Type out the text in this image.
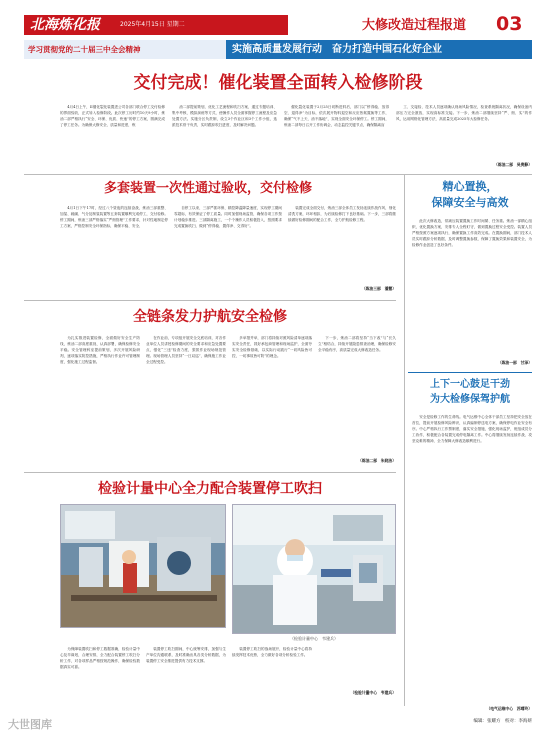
北海炼化报	2025年4月15日 星期二	大修改造过程报道 03
学习贯彻党的二十届三中全会精神	实施高质量发展行动　奋力打造中国石化好企业
交付完成！催化装置全面转入检修阶段

4月4日上午，II催化裂化装置进公司各部门联合停工交付检修的界面验收，正式转入检修阶段。此次停工历时约10天9小时，炼油二部严格执行“安全、环保、优质、快速”的停工方案，圆满完成了停工任务。为确保大修安全、质量和进度，炼

油二部提前策划，优化工艺流程和吹扫方案，通过专题培训、集中考核、模拟演练等方式，使操作人员全面掌握停工流程及应急处置方法。实施分区负责制，设立3个作业区和3个工作小组，选派技术骨干负责，实时跟踪吹扫进度，及时解决问题。

催化裂化装置于2月25日切断进料后，部门以“停得稳、放得空、退得净”为目标，依次展开物料退空和反应热氮置换等工作，确保“气不上天、油不落地”，实现全面安全环保停工。停工期间，炼油二部每日召开工作协调会，动态监控关键节点，确保隔离盲

工、交接检、技术人员逐项确认现场风险情况，检查系统隔离状况，确保设备内部压力完全泄放，实现高标准交接。下一步，炼油二部继续坚持“严、细、实”的作风，运用网格化管理方法，高质量完成2025年大检修任务。

（炼油二部　吴贵静）
多套装置一次性通过验收，交付检修

4月1日下午17时，经过八个昼夜的连续奋战，炼油三部重整、加氢、硫磺、气分及制氢装置等五套装置顺利完成停工，交付检修。停工期间，炼油三部严格落实“严细管理”工作要求，针对性地制定停工方案，严格控制安全环保指标，确保平稳、安全、

自停工以来，三部严抓环保、精控降温降量速度，实现停工期间零超标，有效保证了停工质量。同时加强现场监管，确保各项工作按计划稳步推进。三部隔离施工，一个个操作人员积极投入，按照要求完成置换吹扫，做到“停得稳、置得净、交得好”。

装置完成全面交付，炼油三部全体员工发扬连续作战作风，细化清洗方案，环环相扣，为后续检修打下良好基础。下一步，三部将继续做好检修期间的配合工作，全力护航检修工程。

（炼油三部　潘慧）
精心置换，
保障安全与高效

此次大修改造，常减压装置置换工作时间紧、任务重。炼油一部精心组织，优化置换方案，安排专人全程盯守，做到置换过程安全受控。装置人员严格按照方案逐项执行，确保置换工作高效完成。在置换期间，部门技术人员实时跟踪分析数据，及时调整置换参数，保障了置换效果和装置安全，为检修作业创造了良好条件。

（炼油一部　甘泽）
全链条发力护航安全检修

为扎实推进装置检修，全面做好安全生产防线，炼油二部高度重视、认真部署，确保检修安全平稳。安全管理科室提前策划，多次开展风险研判，逐项落实防控措施，严格执行作业许可管理制度，强化施工过程监督。

在作业前，专项组开展安全交底培训，对各作业单位人员讲授检修期间的安全要求和应急处置要点，强化“三违”检查力度，狠抓作业现场规范管理。现场管理人员坚持“一日双巡”，确保施工作业全过程受控。

多举措并举，部门将持续对照风险清单逐项落实安全责任，抓好承包商管理和现场监护，全面夯实安全检修基础，以实际行动践行“一切风险皆可控，一切事故皆可防”的理念。

下一步，炼油二部将坚持“当下改”与“长久立”相结合，持续开展隐患排查治理，确保检修安全平稳有序，高质量完成大修改造任务。

（炼油二部　朱晓洁）
上下一心鼓足干劲
为大检修保驾护航

安全是检修工作的生命线。电气运维中心全体干部员工坚持把安全放在首位，提前开展检修风险辨识，认真编制停送电方案，确保停电作业安全有序。中心严格执行工作票制度，落实安全措施，强化现场监护，班组成员分工协作，积极配合各装置完成停电隔离工作。中心将继续发扬连续作战、攻坚克难的精神，全力保障大修改造顺利进行。

（电气运维中心　苏晴玲）
检验计量中心全力配合装置停工吹扫
（检验计量中心　韦建兵）

为保障装置吹扫和停工数据准确，检验计量中心及早谋划，合理安排，全力配合装置停工吹扫分析工作，对各项样品严格按规范操作，确保检验数据真实可靠。

装置停工吹扫期间，中心统筹安排，加强与生产单位沟通联系，及时准确出具各类分析数据，为装置停工安全推进提供有力技术支撑。

装置停工吹扫的战场展开，检验计量中心将持续发挥技术优势，全力做好各项分析检验工作。

（检验计量中心　韦建兵）
编辑：张耀方　校对：李海妍
大世图库
